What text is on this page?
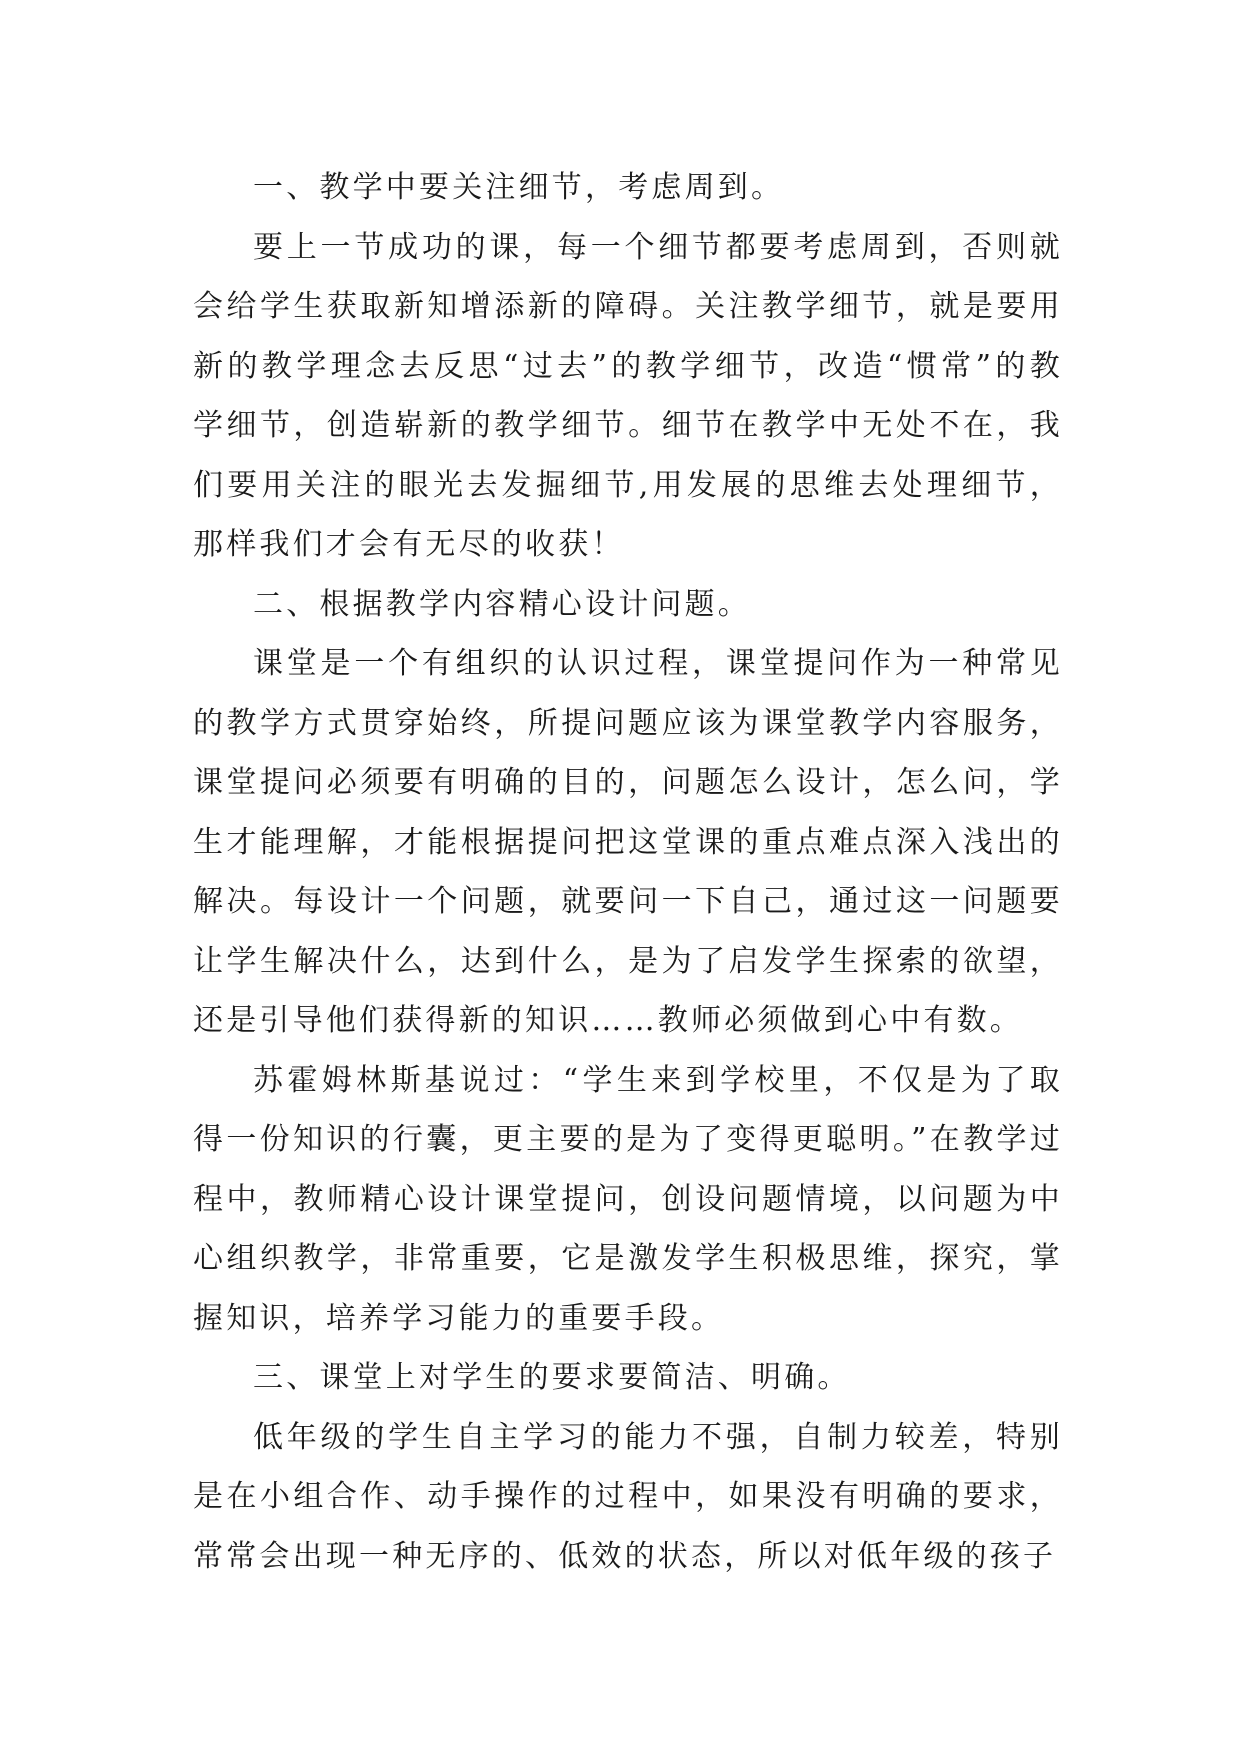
一、教学中要关注细节，考虑周到。

要上一节成功的课，每一个细节都要考虑周到，否则就会给学生获取新知增添新的障碍。关注教学细节，就是要用新的教学理念去反思“过去”的教学细节，改造“惯常”的教学细节，创造崭新的教学细节。细节在教学中无处不在，我们要用关注的眼光去发掘细节,用发展的思维去处理细节，那样我们才会有无尽的收获！

二、根据教学内容精心设计问题。

课堂是一个有组织的认识过程，课堂提问作为一种常见的教学方式贯穿始终，所提问题应该为课堂教学内容服务，课堂提问必须要有明确的目的，问题怎么设计，怎么问，学生才能理解，才能根据提问把这堂课的重点难点深入浅出的解决。每设计一个问题，就要问一下自己，通过这一问题要让学生解决什么，达到什么，是为了启发学生探索的欲望，还是引导他们获得新的知识……教师必须做到心中有数。

苏霍姆林斯基说过：“学生来到学校里，不仅是为了取得一份知识的行囊，更主要的是为了变得更聪明。”在教学过程中，教师精心设计课堂提问，创设问题情境，以问题为中心组织教学，非常重要，它是激发学生积极思维，探究，掌握知识，培养学习能力的重要手段。

三、课堂上对学生的要求要简洁、明确。

低年级的学生自主学习的能力不强，自制力较差，特别是在小组合作、动手操作的过程中，如果没有明确的要求，常常会出现一种无序的、低效的状态，所以对低年级的孩子
